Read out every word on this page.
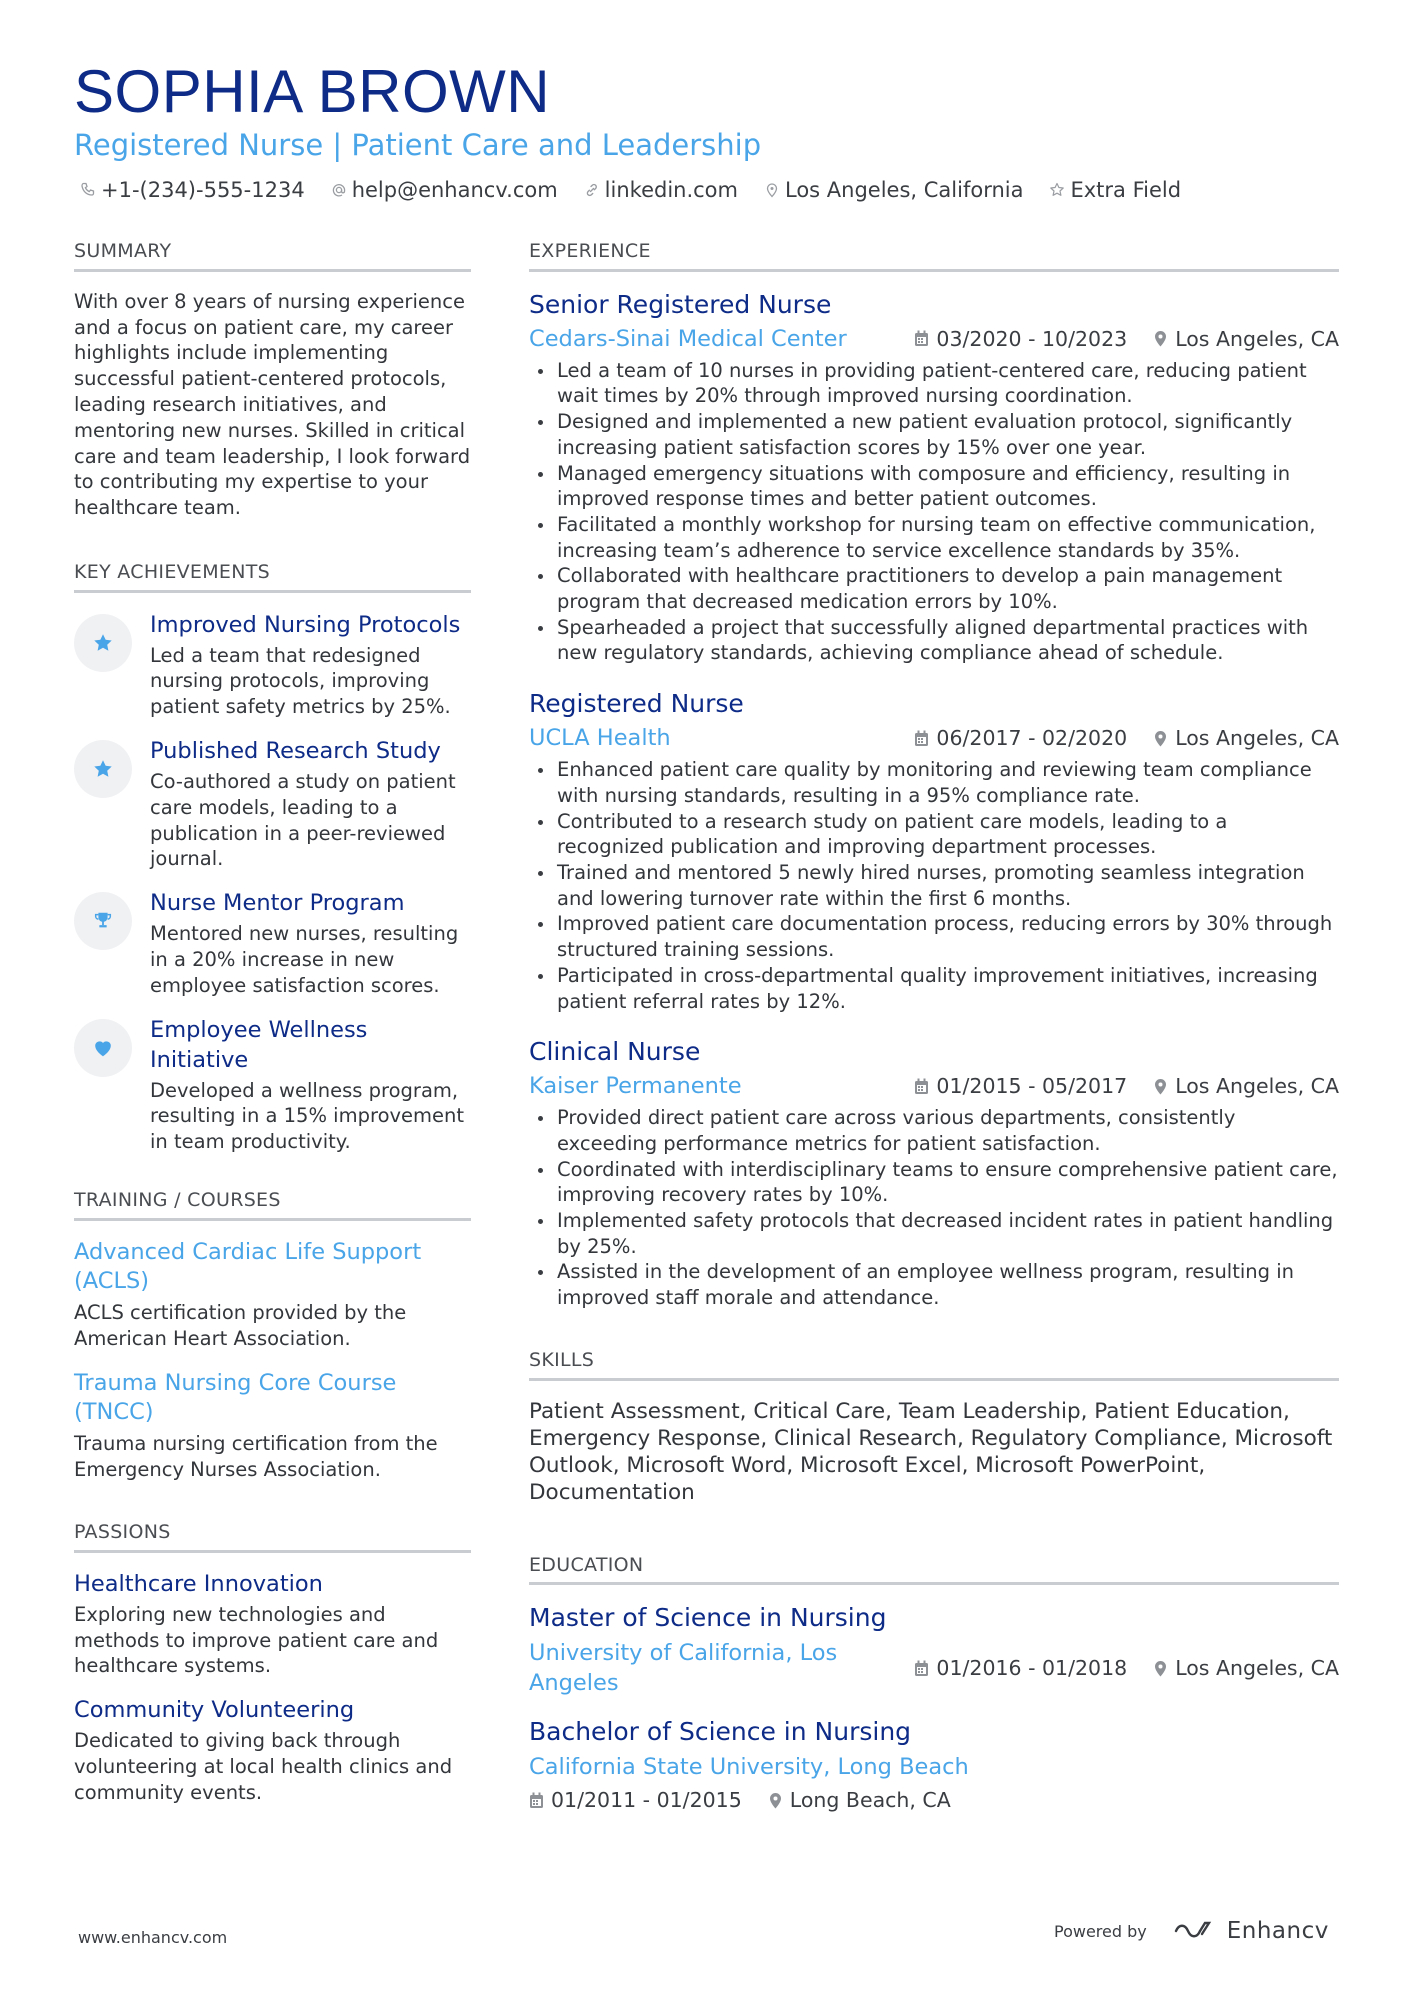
SOPHIA BROWN
Registered Nurse | Patient Care and Leadership
+1-(234)-555-1234 help@enhancv.com linkedin.com Los Angeles, California Extra Field
SUMMARY
With over 8 years of nursing experience and a focus on patient care, my career highlights include implementing successful patient-centered protocols, leading research initiatives, and mentoring new nurses. Skilled in critical care and team leadership, I look forward to contributing my expertise to your healthcare team.
KEY ACHIEVEMENTS
Improved Nursing Protocols
Led a team that redesigned nursing protocols, improving patient safety metrics by 25%.
Published Research Study
Co-authored a study on patient care models, leading to a publication in a peer-reviewed journal.
Nurse Mentor Program
Mentored new nurses, resulting in a 20% increase in new employee satisfaction scores.
Employee Wellness Initiative
Developed a wellness program, resulting in a 15% improvement in team productivity.
TRAINING / COURSES
Advanced Cardiac Life Support (ACLS)
ACLS certification provided by the American Heart Association.
Trauma Nursing Core Course (TNCC)
Trauma nursing certification from the Emergency Nurses Association.
PASSIONS
Healthcare Innovation
Exploring new technologies and methods to improve patient care and healthcare systems.
Community Volunteering
Dedicated to giving back through volunteering at local health clinics and community events.
EXPERIENCE
Senior Registered Nurse
Cedars-Sinai Medical Center	03/2020 - 10/2023 Los Angeles, CA
Led a team of 10 nurses in providing patient-centered care, reducing patient wait times by 20% through improved nursing coordination.
Designed and implemented a new patient evaluation protocol, significantly increasing patient satisfaction scores by 15% over one year.
Managed emergency situations with composure and efficiency, resulting in improved response times and better patient outcomes.
Facilitated a monthly workshop for nursing team on effective communication, increasing team’s adherence to service excellence standards by 35%.
Collaborated with healthcare practitioners to develop a pain management program that decreased medication errors by 10%.
Spearheaded a project that successfully aligned departmental practices with new regulatory standards, achieving compliance ahead of schedule.
Registered Nurse
UCLA Health	06/2017 - 02/2020 Los Angeles, CA
Enhanced patient care quality by monitoring and reviewing team compliance with nursing standards, resulting in a 95% compliance rate.
Contributed to a research study on patient care models, leading to a recognized publication and improving department processes.
Trained and mentored 5 newly hired nurses, promoting seamless integration and lowering turnover rate within the first 6 months.
Improved patient care documentation process, reducing errors by 30% through structured training sessions.
Participated in cross-departmental quality improvement initiatives, increasing patient referral rates by 12%.
Clinical Nurse
Kaiser Permanente	01/2015 - 05/2017 Los Angeles, CA
Provided direct patient care across various departments, consistently exceeding performance metrics for patient satisfaction.
Coordinated with interdisciplinary teams to ensure comprehensive patient care, improving recovery rates by 10%.
Implemented safety protocols that decreased incident rates in patient handling by 25%.
Assisted in the development of an employee wellness program, resulting in improved staff morale and attendance.
SKILLS
Patient Assessment, Critical Care, Team Leadership, Patient Education, Emergency Response, Clinical Research, Regulatory Compliance, Microsoft Outlook, Microsoft Word, Microsoft Excel, Microsoft PowerPoint, Documentation
EDUCATION
Master of Science in Nursing
University of California, Los Angeles
01/2016 - 01/2018 Los Angeles, CA
Bachelor of Science in Nursing
California State University, Long Beach
01/2011 - 01/2015 Long Beach, CA
www.enhancv.com	Powered by	Enhancv
